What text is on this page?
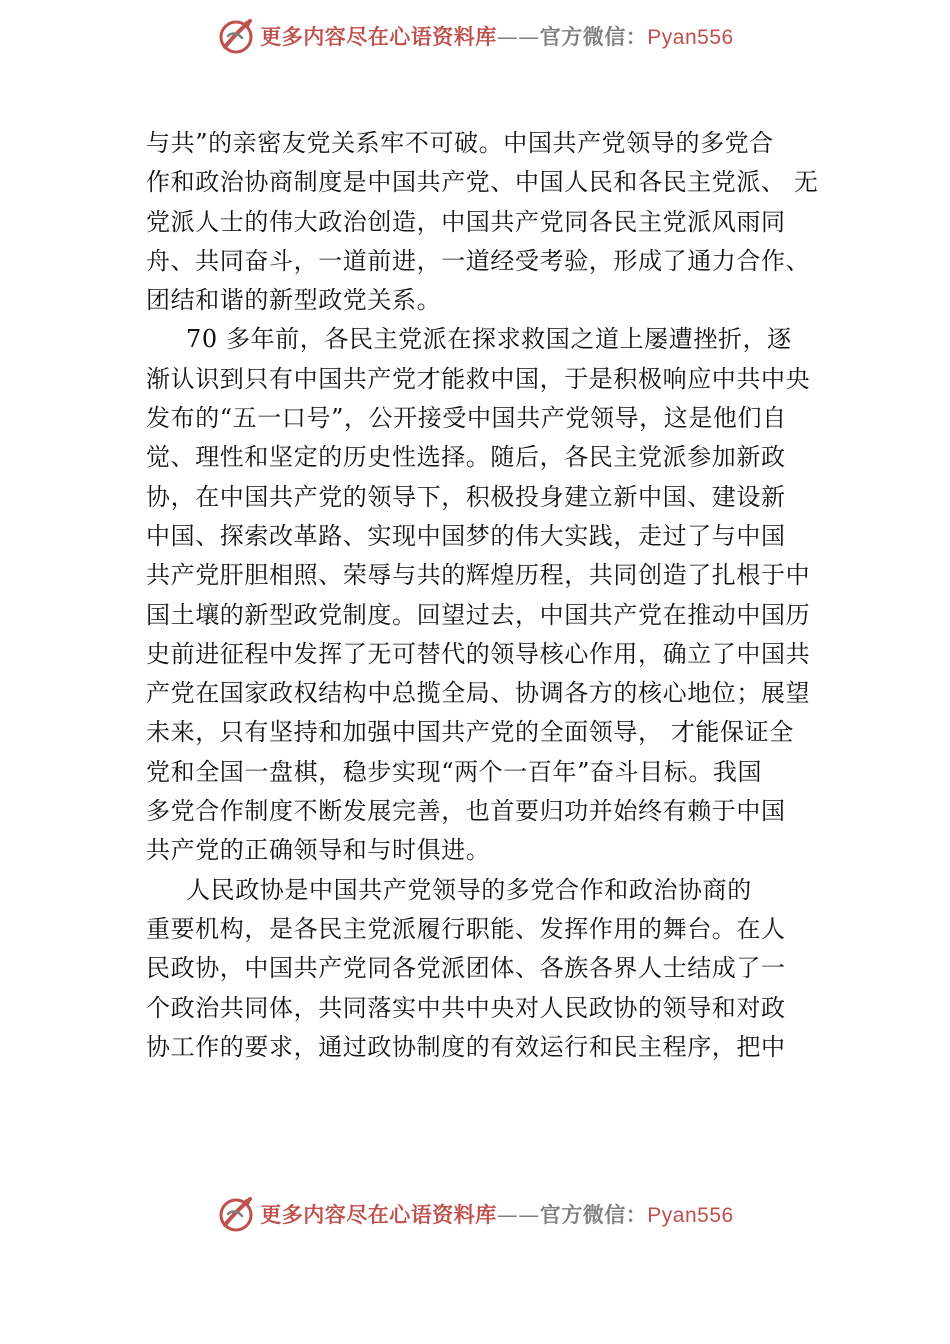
更多内容尽在心语资料库——官方微信：Pyan556
与共”的亲密友党关系牢不可破。中国共产党领导的多党合
作和政治协商制度是中国共产党、中国人民和各民主党派、 无
党派人士的伟大政治创造，中国共产党同各民主党派风雨同
舟、共同奋斗，一道前进，一道经受考验，形成了通力合作、
团结和谐的新型政党关系。
70 多年前，各民主党派在探求救国之道上屡遭挫折，逐
渐认识到只有中国共产党才能救中国，于是积极响应中共中央
发布的“五一口号”，公开接受中国共产党领导，这是他们自
觉、理性和坚定的历史性选择。随后，各民主党派参加新政
协，在中国共产党的领导下，积极投身建立新中国、建设新
中国、探索改革路、实现中国梦的伟大实践，走过了与中国
共产党肝胆相照、荣辱与共的辉煌历程，共同创造了扎根于中
国土壤的新型政党制度。回望过去，中国共产党在推动中国历
史前进征程中发挥了无可替代的领导核心作用，确立了中国共
产党在国家政权结构中总揽全局、协调各方的核心地位；展望
未来，只有坚持和加强中国共产党的全面领导， 才能保证全
党和全国一盘棋，稳步实现“两个一百年”奋斗目标。我国
多党合作制度不断发展完善，也首要归功并始终有赖于中国
共产党的正确领导和与时俱进。
人民政协是中国共产党领导的多党合作和政治协商的
重要机构，是各民主党派履行职能、发挥作用的舞台。在人
民政协，中国共产党同各党派团体、各族各界人士结成了一
个政治共同体，共同落实中共中央对人民政协的领导和对政
协工作的要求，通过政协制度的有效运行和民主程序，把中
更多内容尽在心语资料库——官方微信：Pyan556
